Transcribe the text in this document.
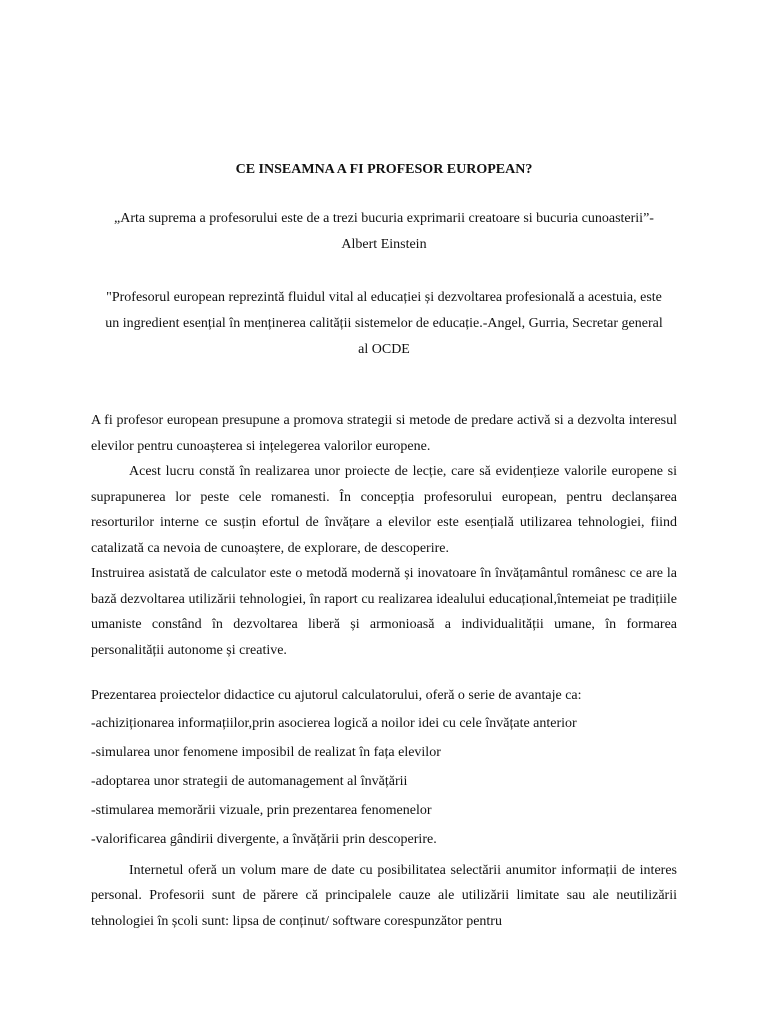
CE INSEAMNA A FI PROFESOR EUROPEAN?
„Arta suprema a profesorului este de a trezi bucuria exprimarii creatoare si bucuria cunoasterii”-Albert Einstein
"Profesorul european reprezintă fluidul vital al educației și dezvoltarea profesională a acestuia, este un ingredient esențial în menținerea calității sistemelor de educație.-Angel, Gurria, Secretar general al OCDE

A fi profesor european presupune a promova strategii si metode de predare activă si a dezvolta interesul elevilor pentru cunoașterea si ințelegerea valorilor europene.

Acest lucru constă în realizarea unor proiecte de lecție, care să evidențieze valorile europene si suprapunerea lor peste cele romanesti. În concepția profesorului european, pentru declanșarea resorturilor interne ce susțin efortul de învățare a elevilor este esențială utilizarea tehnologiei, fiind catalizată ca nevoia de cunoaștere, de explorare, de descoperire.

Instruirea asistată de calculator este o metodă modernă și inovatoare în învățamântul românesc ce are la bază dezvoltarea utilizării tehnologiei, în raport cu realizarea idealului educațional,întemeiat pe tradițiile umaniste constând în dezvoltarea liberă și armonioasă a individualității umane, în formarea personalității autonome și creative.

Prezentarea proiectelor didactice cu ajutorul calculatorului, oferă o serie de avantaje ca:

-achiziționarea informațiilor,prin asocierea logică a noilor idei cu cele învățate anterior

-simularea unor fenomene imposibil de realizat în fața elevilor

-adoptarea unor strategii de automanagement al învățării

-stimularea memorării vizuale, prin prezentarea fenomenelor

-valorificarea gândirii divergente, a învățării prin descoperire.

Internetul oferă un volum mare de date cu posibilitatea selectării anumitor informații de interes personal. Profesorii sunt de părere că principalele cauze ale utilizării limitate sau ale neutilizării tehnologiei în școli sunt: lipsa de conținut/ software corespunzător pentru
